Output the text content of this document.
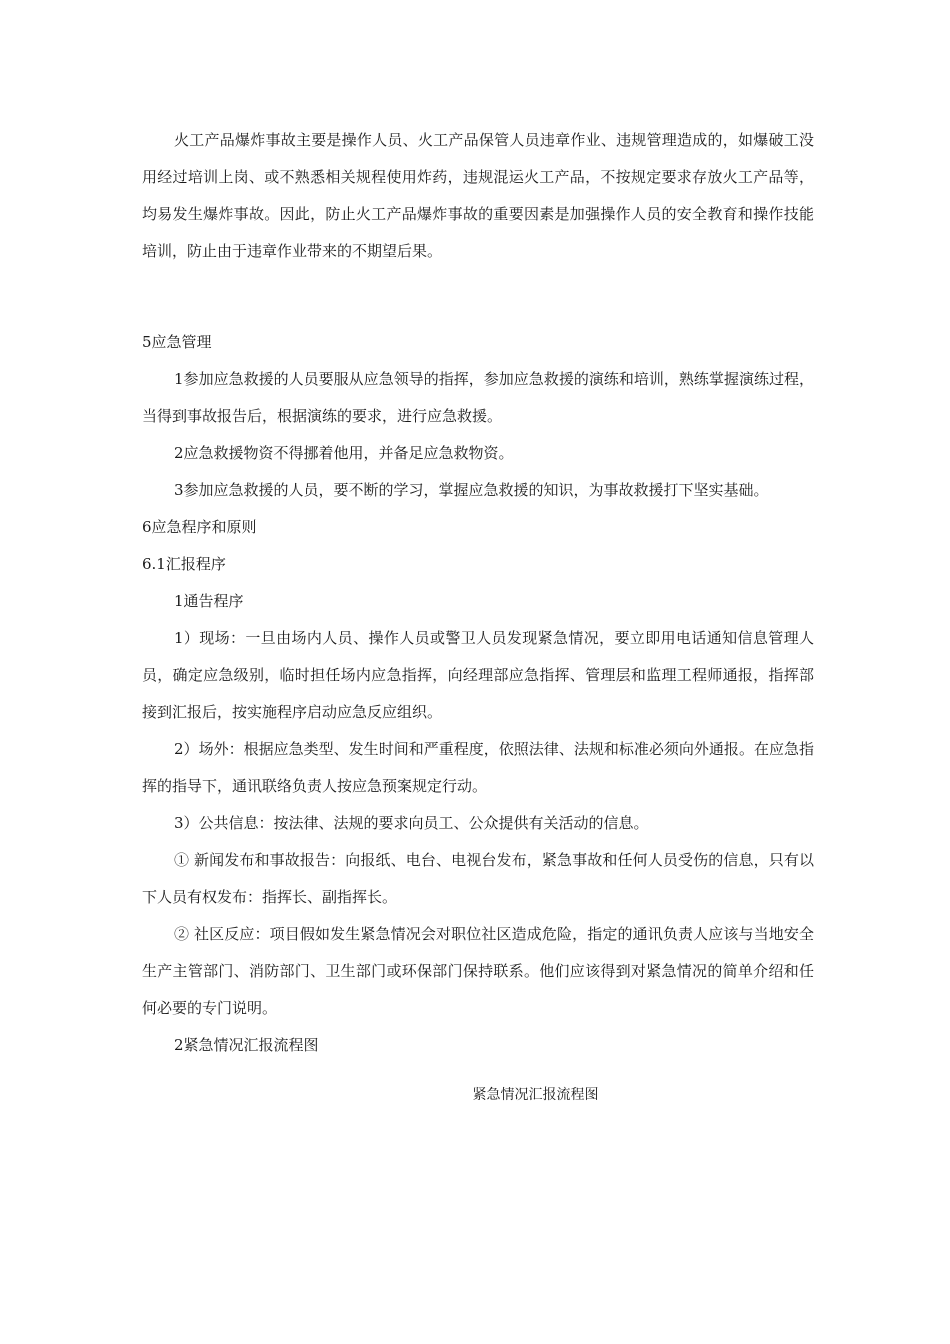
火工产品爆炸事故主要是操作人员、火工产品保管人员违章作业、违规管理造成的，如爆破工没用经过培训上岗、或不熟悉相关规程使用炸药，违规混运火工产品，不按规定要求存放火工产品等，均易发生爆炸事故。因此，防止火工产品爆炸事故的重要因素是加强操作人员的安全教育和操作技能培训，防止由于违章作业带来的不期望后果。

5应急管理

1参加应急救援的人员要服从应急领导的指挥，参加应急救援的演练和培训，熟练掌握演练过程，当得到事故报告后，根据演练的要求，进行应急救援。

2应急救援物资不得挪着他用，并备足应急救物资。

3参加应急救援的人员，要不断的学习，掌握应急救援的知识，为事故救援打下坚实基础。

6应急程序和原则

6.1汇报程序

1通告程序

1）现场：一旦由场内人员、操作人员或警卫人员发现紧急情况，要立即用电话通知信息管理人员，确定应急级别，临时担任场内应急指挥，向经理部应急指挥、管理层和监理工程师通报，指挥部接到汇报后，按实施程序启动应急反应组织。

2）场外：根据应急类型、发生时间和严重程度，依照法律、法规和标准必须向外通报。在应急指挥的指导下，通讯联络负责人按应急预案规定行动。

3）公共信息：按法律、法规的要求向员工、公众提供有关活动的信息。

① 新闻发布和事故报告：向报纸、电台、电视台发布，紧急事故和任何人员受伤的信息，只有以下人员有权发布：指挥长、副指挥长。

② 社区反应：项目假如发生紧急情况会对职位社区造成危险，指定的通讯负责人应该与当地安全生产主管部门、消防部门、卫生部门或环保部门保持联系。他们应该得到对紧急情况的简单介绍和任何必要的专门说明。

2紧急情况汇报流程图

紧急情况汇报流程图
